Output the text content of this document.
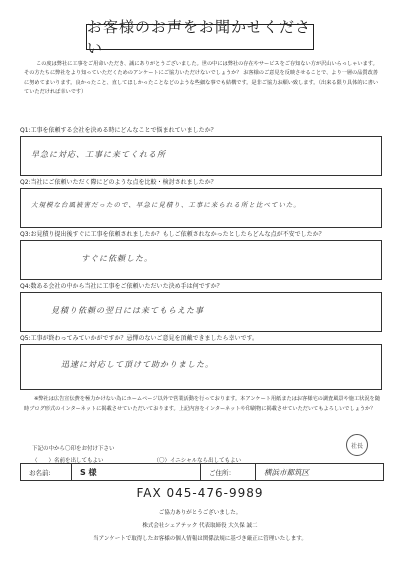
お客様のお声をお聞かせください
この度は弊社に工事をご用命いただき、誠にありがとうございました。世の中には弊社の存在やサービスをご存知ない方が沢山いらっしゃいます。その方たちに弊社をより知っていただくためのアンケートにご協力いただけないでしょうか？ お客様のご意見を反映させることで、より一層の品質改善に努めてまいります。良かったこと、直してほしかったことなどのような些細な事でも結構です。是非ご協力お願い致します。（出来る限り具体的に書いていただければ幸いです）
Q1:工事を依頼する会社を決める時にどんなことで悩まれていましたか？
早急に対応、工事に来てくれる所
Q2:当社にご依頼いただく際にどのような点を比較・検討されましたか？
大規模な台風被害だったので、早急に見積り、工事に来られる所と比べていた。
Q3:お見積り提出後すぐに工事を依頼されましたか？もしご依頼されなかったとしたらどんな点が不安でしたか？
すぐに依頼した。
Q4:数ある会社の中から当社に工事をご依頼いただいた決め手は何ですか？
見積り依頼の翌日には来てもらえた事
Q5:工事が終わってみていかがですか？忌憚のないご意見を頂戴できましたら幸いです。
迅速に対応して頂けて助かりました。
※弊社は広告宣伝費を極力かけない為にホームページ以外で営業活動を行っております。本アンケート用紙またはお客様宅の調査風景や施工状況を随時ブログ形式のインターネットに掲載させていただいております。上記内容をインターネットや印刷物に掲載させていただいてもよろしいでしょうか？
下記の中から〇印をお付け下さい
（　　）名前を出してもよい	（〇）イニシャルなら出してもよい
社長
お名前:	S 様	ご住所：	横浜市都筑区
FAX 045-476-9989
ご協力ありがとうございました。
株式会社シェアテック 代表取締役 大久保 誠二
当アンケートで取得したお客様の個人情報は関係法規に基づき厳正に管理いたします。
